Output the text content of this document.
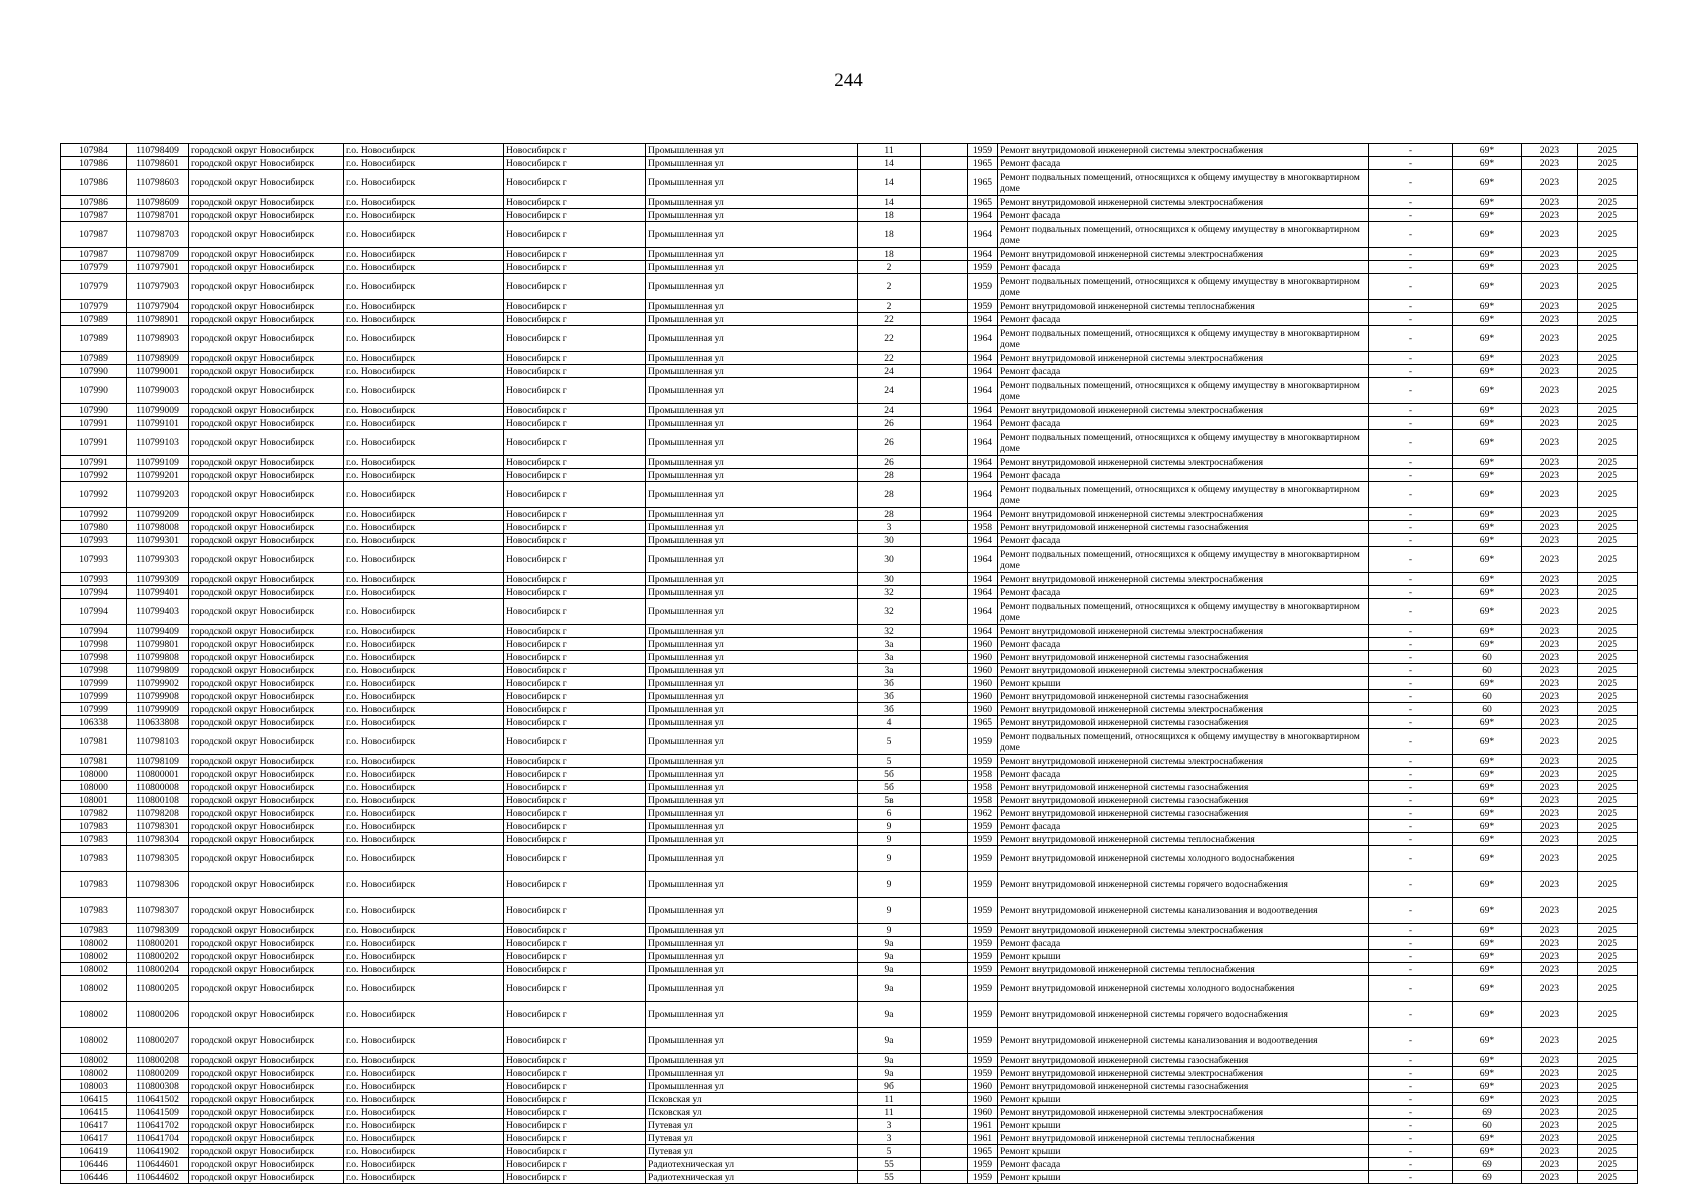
244
107984	110798409	городской округ Новосибирск	г.о. Новосибирск	Новосибирск г	Промышленная ул	11		1959	Ремонт внутридомовой инженерной системы электроснабжения	-	69*	2023	2025
107986	110798601	городской округ Новосибирск	г.о. Новосибирск	Новосибирск г	Промышленная ул	14		1965	Ремонт фасада	-	69*	2023	2025
107986	110798603	городской округ Новосибирск	г.о. Новосибирск	Новосибирск г	Промышленная ул	14		1965	Ремонт подвальных помещений, относящихся к общему имуществу в многоквартирном доме	-	69*	2023	2025
107986	110798609	городской округ Новосибирск	г.о. Новосибирск	Новосибирск г	Промышленная ул	14		1965	Ремонт внутридомовой инженерной системы электроснабжения	-	69*	2023	2025
107987	110798701	городской округ Новосибирск	г.о. Новосибирск	Новосибирск г	Промышленная ул	18		1964	Ремонт фасада	-	69*	2023	2025
107987	110798703	городской округ Новосибирск	г.о. Новосибирск	Новосибирск г	Промышленная ул	18		1964	Ремонт подвальных помещений, относящихся к общему имуществу в многоквартирном доме	-	69*	2023	2025
107987	110798709	городской округ Новосибирск	г.о. Новосибирск	Новосибирск г	Промышленная ул	18		1964	Ремонт внутридомовой инженерной системы электроснабжения	-	69*	2023	2025
107979	110797901	городской округ Новосибирск	г.о. Новосибирск	Новосибирск г	Промышленная ул	2		1959	Ремонт фасада	-	69*	2023	2025
107979	110797903	городской округ Новосибирск	г.о. Новосибирск	Новосибирск г	Промышленная ул	2		1959	Ремонт подвальных помещений, относящихся к общему имуществу в многоквартирном доме	-	69*	2023	2025
107979	110797904	городской округ Новосибирск	г.о. Новосибирск	Новосибирск г	Промышленная ул	2		1959	Ремонт внутридомовой инженерной системы теплоснабжения	-	69*	2023	2025
107989	110798901	городской округ Новосибирск	г.о. Новосибирск	Новосибирск г	Промышленная ул	22		1964	Ремонт фасада	-	69*	2023	2025
107989	110798903	городской округ Новосибирск	г.о. Новосибирск	Новосибирск г	Промышленная ул	22		1964	Ремонт подвальных помещений, относящихся к общему имуществу в многоквартирном доме	-	69*	2023	2025
107989	110798909	городской округ Новосибирск	г.о. Новосибирск	Новосибирск г	Промышленная ул	22		1964	Ремонт внутридомовой инженерной системы электроснабжения	-	69*	2023	2025
107990	110799001	городской округ Новосибирск	г.о. Новосибирск	Новосибирск г	Промышленная ул	24		1964	Ремонт фасада	-	69*	2023	2025
107990	110799003	городской округ Новосибирск	г.о. Новосибирск	Новосибирск г	Промышленная ул	24		1964	Ремонт подвальных помещений, относящихся к общему имуществу в многоквартирном доме	-	69*	2023	2025
107990	110799009	городской округ Новосибирск	г.о. Новосибирск	Новосибирск г	Промышленная ул	24		1964	Ремонт внутридомовой инженерной системы электроснабжения	-	69*	2023	2025
107991	110799101	городской округ Новосибирск	г.о. Новосибирск	Новосибирск г	Промышленная ул	26		1964	Ремонт фасада	-	69*	2023	2025
107991	110799103	городской округ Новосибирск	г.о. Новосибирск	Новосибирск г	Промышленная ул	26		1964	Ремонт подвальных помещений, относящихся к общему имуществу в многоквартирном доме	-	69*	2023	2025
107991	110799109	городской округ Новосибирск	г.о. Новосибирск	Новосибирск г	Промышленная ул	26		1964	Ремонт внутридомовой инженерной системы электроснабжения	-	69*	2023	2025
107992	110799201	городской округ Новосибирск	г.о. Новосибирск	Новосибирск г	Промышленная ул	28		1964	Ремонт фасада	-	69*	2023	2025
107992	110799203	городской округ Новосибирск	г.о. Новосибирск	Новосибирск г	Промышленная ул	28		1964	Ремонт подвальных помещений, относящихся к общему имуществу в многоквартирном доме	-	69*	2023	2025
107992	110799209	городской округ Новосибирск	г.о. Новосибирск	Новосибирск г	Промышленная ул	28		1964	Ремонт внутридомовой инженерной системы электроснабжения	-	69*	2023	2025
107980	110798008	городской округ Новосибирск	г.о. Новосибирск	Новосибирск г	Промышленная ул	3		1958	Ремонт внутридомовой инженерной системы газоснабжения	-	69*	2023	2025
107993	110799301	городской округ Новосибирск	г.о. Новосибирск	Новосибирск г	Промышленная ул	30		1964	Ремонт фасада	-	69*	2023	2025
107993	110799303	городской округ Новосибирск	г.о. Новосибирск	Новосибирск г	Промышленная ул	30		1964	Ремонт подвальных помещений, относящихся к общему имуществу в многоквартирном доме	-	69*	2023	2025
107993	110799309	городской округ Новосибирск	г.о. Новосибирск	Новосибирск г	Промышленная ул	30		1964	Ремонт внутридомовой инженерной системы электроснабжения	-	69*	2023	2025
107994	110799401	городской округ Новосибирск	г.о. Новосибирск	Новосибирск г	Промышленная ул	32		1964	Ремонт фасада	-	69*	2023	2025
107994	110799403	городской округ Новосибирск	г.о. Новосибирск	Новосибирск г	Промышленная ул	32		1964	Ремонт подвальных помещений, относящихся к общему имуществу в многоквартирном доме	-	69*	2023	2025
107994	110799409	городской округ Новосибирск	г.о. Новосибирск	Новосибирск г	Промышленная ул	32		1964	Ремонт внутридомовой инженерной системы электроснабжения	-	69*	2023	2025
107998	110799801	городской округ Новосибирск	г.о. Новосибирск	Новосибирск г	Промышленная ул	3а		1960	Ремонт фасада	-	69*	2023	2025
107998	110799808	городской округ Новосибирск	г.о. Новосибирск	Новосибирск г	Промышленная ул	3а		1960	Ремонт внутридомовой инженерной системы газоснабжения	-	60	2023	2025
107998	110799809	городской округ Новосибирск	г.о. Новосибирск	Новосибирск г	Промышленная ул	3а		1960	Ремонт внутридомовой инженерной системы электроснабжения	-	60	2023	2025
107999	110799902	городской округ Новосибирск	г.о. Новосибирск	Новосибирск г	Промышленная ул	3б		1960	Ремонт крыши	-	69*	2023	2025
107999	110799908	городской округ Новосибирск	г.о. Новосибирск	Новосибирск г	Промышленная ул	3б		1960	Ремонт внутридомовой инженерной системы газоснабжения	-	60	2023	2025
107999	110799909	городской округ Новосибирск	г.о. Новосибирск	Новосибирск г	Промышленная ул	3б		1960	Ремонт внутридомовой инженерной системы электроснабжения	-	60	2023	2025
106338	110633808	городской округ Новосибирск	г.о. Новосибирск	Новосибирск г	Промышленная ул	4		1965	Ремонт внутридомовой инженерной системы газоснабжения	-	69*	2023	2025
107981	110798103	городской округ Новосибирск	г.о. Новосибирск	Новосибирск г	Промышленная ул	5		1959	Ремонт подвальных помещений, относящихся к общему имуществу в многоквартирном доме	-	69*	2023	2025
107981	110798109	городской округ Новосибирск	г.о. Новосибирск	Новосибирск г	Промышленная ул	5		1959	Ремонт внутридомовой инженерной системы электроснабжения	-	69*	2023	2025
108000	110800001	городской округ Новосибирск	г.о. Новосибирск	Новосибирск г	Промышленная ул	5б		1958	Ремонт фасада	-	69*	2023	2025
108000	110800008	городской округ Новосибирск	г.о. Новосибирск	Новосибирск г	Промышленная ул	5б		1958	Ремонт внутридомовой инженерной системы газоснабжения	-	69*	2023	2025
108001	110800108	городской округ Новосибирск	г.о. Новосибирск	Новосибирск г	Промышленная ул	5в		1958	Ремонт внутридомовой инженерной системы газоснабжения	-	69*	2023	2025
107982	110798208	городской округ Новосибирск	г.о. Новосибирск	Новосибирск г	Промышленная ул	6		1962	Ремонт внутридомовой инженерной системы газоснабжения	-	69*	2023	2025
107983	110798301	городской округ Новосибирск	г.о. Новосибирск	Новосибирск г	Промышленная ул	9		1959	Ремонт фасада	-	69*	2023	2025
107983	110798304	городской округ Новосибирск	г.о. Новосибирск	Новосибирск г	Промышленная ул	9		1959	Ремонт внутридомовой инженерной системы теплоснабжения	-	69*	2023	2025
107983	110798305	городской округ Новосибирск	г.о. Новосибирск	Новосибирск г	Промышленная ул	9		1959	Ремонт внутридомовой инженерной системы холодного водоснабжения	-	69*	2023	2025
107983	110798306	городской округ Новосибирск	г.о. Новосибирск	Новосибирск г	Промышленная ул	9		1959	Ремонт внутридомовой инженерной системы горячего водоснабжения	-	69*	2023	2025
107983	110798307	городской округ Новосибирск	г.о. Новосибирск	Новосибирск г	Промышленная ул	9		1959	Ремонт внутридомовой инженерной системы канализования и водоотведения	-	69*	2023	2025
107983	110798309	городской округ Новосибирск	г.о. Новосибирск	Новосибирск г	Промышленная ул	9		1959	Ремонт внутридомовой инженерной системы электроснабжения	-	69*	2023	2025
108002	110800201	городской округ Новосибирск	г.о. Новосибирск	Новосибирск г	Промышленная ул	9а		1959	Ремонт фасада	-	69*	2023	2025
108002	110800202	городской округ Новосибирск	г.о. Новосибирск	Новосибирск г	Промышленная ул	9а		1959	Ремонт крыши	-	69*	2023	2025
108002	110800204	городской округ Новосибирск	г.о. Новосибирск	Новосибирск г	Промышленная ул	9а		1959	Ремонт внутридомовой инженерной системы теплоснабжения	-	69*	2023	2025
108002	110800205	городской округ Новосибирск	г.о. Новосибирск	Новосибирск г	Промышленная ул	9а		1959	Ремонт внутридомовой инженерной системы холодного водоснабжения	-	69*	2023	2025
108002	110800206	городской округ Новосибирск	г.о. Новосибирск	Новосибирск г	Промышленная ул	9а		1959	Ремонт внутридомовой инженерной системы горячего водоснабжения	-	69*	2023	2025
108002	110800207	городской округ Новосибирск	г.о. Новосибирск	Новосибирск г	Промышленная ул	9а		1959	Ремонт внутридомовой инженерной системы канализования и водоотведения	-	69*	2023	2025
108002	110800208	городской округ Новосибирск	г.о. Новосибирск	Новосибирск г	Промышленная ул	9а		1959	Ремонт внутридомовой инженерной системы газоснабжения	-	69*	2023	2025
108002	110800209	городской округ Новосибирск	г.о. Новосибирск	Новосибирск г	Промышленная ул	9а		1959	Ремонт внутридомовой инженерной системы электроснабжения	-	69*	2023	2025
108003	110800308	городской округ Новосибирск	г.о. Новосибирск	Новосибирск г	Промышленная ул	9б		1960	Ремонт внутридомовой инженерной системы газоснабжения	-	69*	2023	2025
106415	110641502	городской округ Новосибирск	г.о. Новосибирск	Новосибирск г	Псковская ул	11		1960	Ремонт крыши	-	69*	2023	2025
106415	110641509	городской округ Новосибирск	г.о. Новосибирск	Новосибирск г	Псковская ул	11		1960	Ремонт внутридомовой инженерной системы электроснабжения	-	69	2023	2025
106417	110641702	городской округ Новосибирск	г.о. Новосибирск	Новосибирск г	Путевая ул	3		1961	Ремонт крыши	-	60	2023	2025
106417	110641704	городской округ Новосибирск	г.о. Новосибирск	Новосибирск г	Путевая ул	3		1961	Ремонт внутридомовой инженерной системы теплоснабжения	-	69*	2023	2025
106419	110641902	городской округ Новосибирск	г.о. Новосибирск	Новосибирск г	Путевая ул	5		1965	Ремонт крыши	-	69*	2023	2025
106446	110644601	городской округ Новосибирск	г.о. Новосибирск	Новосибирск г	Радиотехническая ул	55		1959	Ремонт фасада	-	69	2023	2025
106446	110644602	городской округ Новосибирск	г.о. Новосибирск	Новосибирск г	Радиотехническая ул	55		1959	Ремонт крыши	-	69	2023	2025
